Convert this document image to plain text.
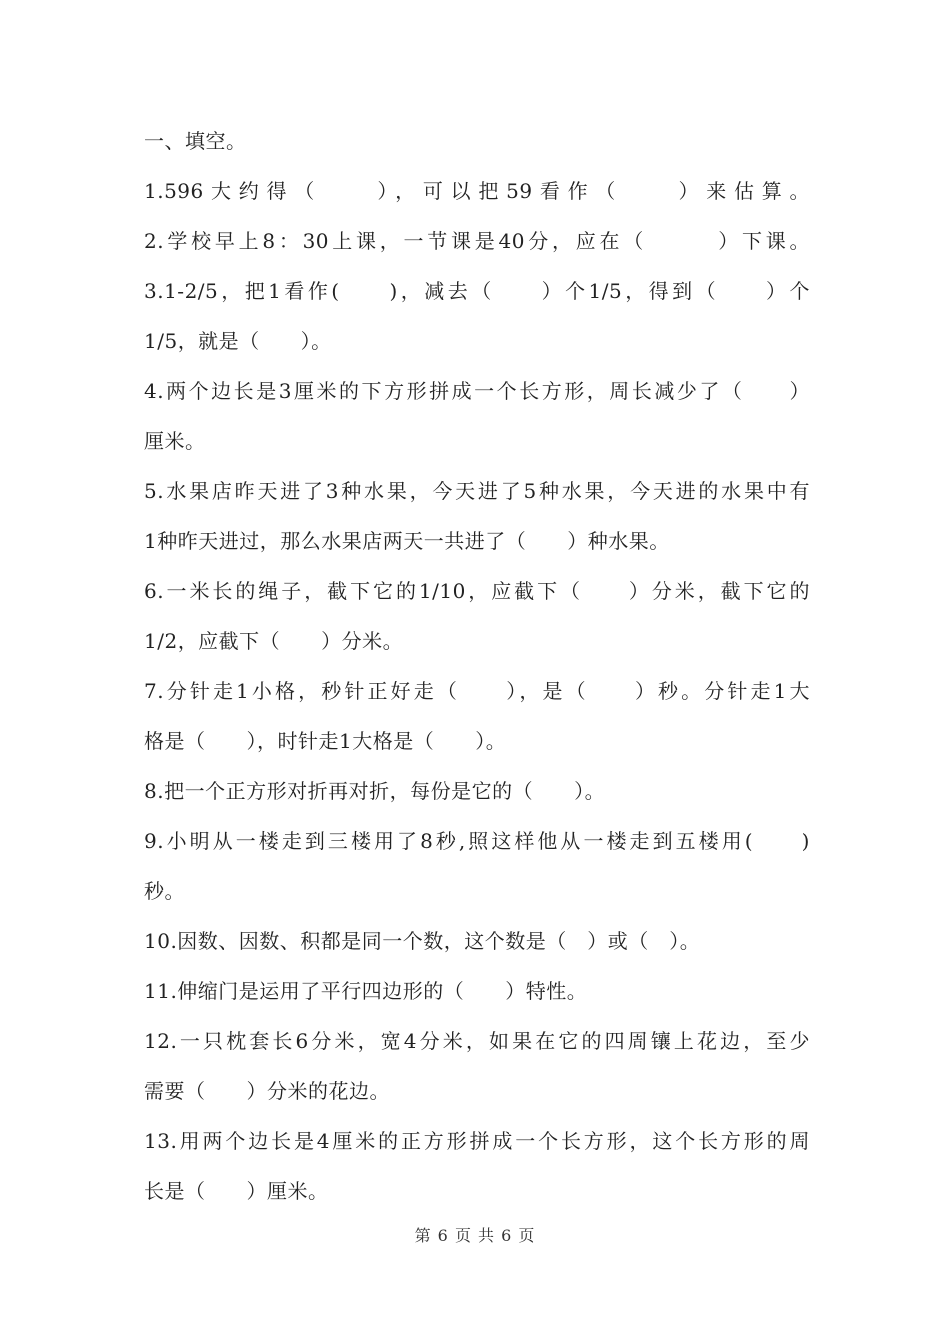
一、填空。
1.596大约得（　　），可以把59看作（　　）来估算。
2.学校早上8：30上课，一节课是40分，应在（　　　）下课。
3.1-2/5，把1看作(　　)，减去（　　）个1/5，得到（　　）个
1/5，就是（　　）。
4.两个边长是3厘米的下方形拼成一个长方形，周长减少了（　　）
厘米。
5.水果店昨天进了3种水果，今天进了5种水果，今天进的水果中有
1种昨天进过，那么水果店两天一共进了（　　）种水果。
6.一米长的绳子，截下它的1/10，应截下（　　）分米，截下它的
1/2，应截下（　　）分米。
7.分针走1小格，秒针正好走（　　），是（　　）秒。分针走1大
格是（　　），时针走1大格是（　　）。
8.把一个正方形对折再对折，每份是它的（　　）。
9.小明从一楼走到三楼用了8秒,照这样他从一楼走到五楼用(　　)
秒。
10.因数、因数、积都是同一个数，这个数是（　）或（　）。
11.伸缩门是运用了平行四边形的（　　）特性。
12.一只枕套长6分米，宽4分米，如果在它的四周镶上花边，至少
需要（　　）分米的花边。
13.用两个边长是4厘米的正方形拼成一个长方形，这个长方形的周
长是（　　）厘米。
第 6 页 共 6 页
